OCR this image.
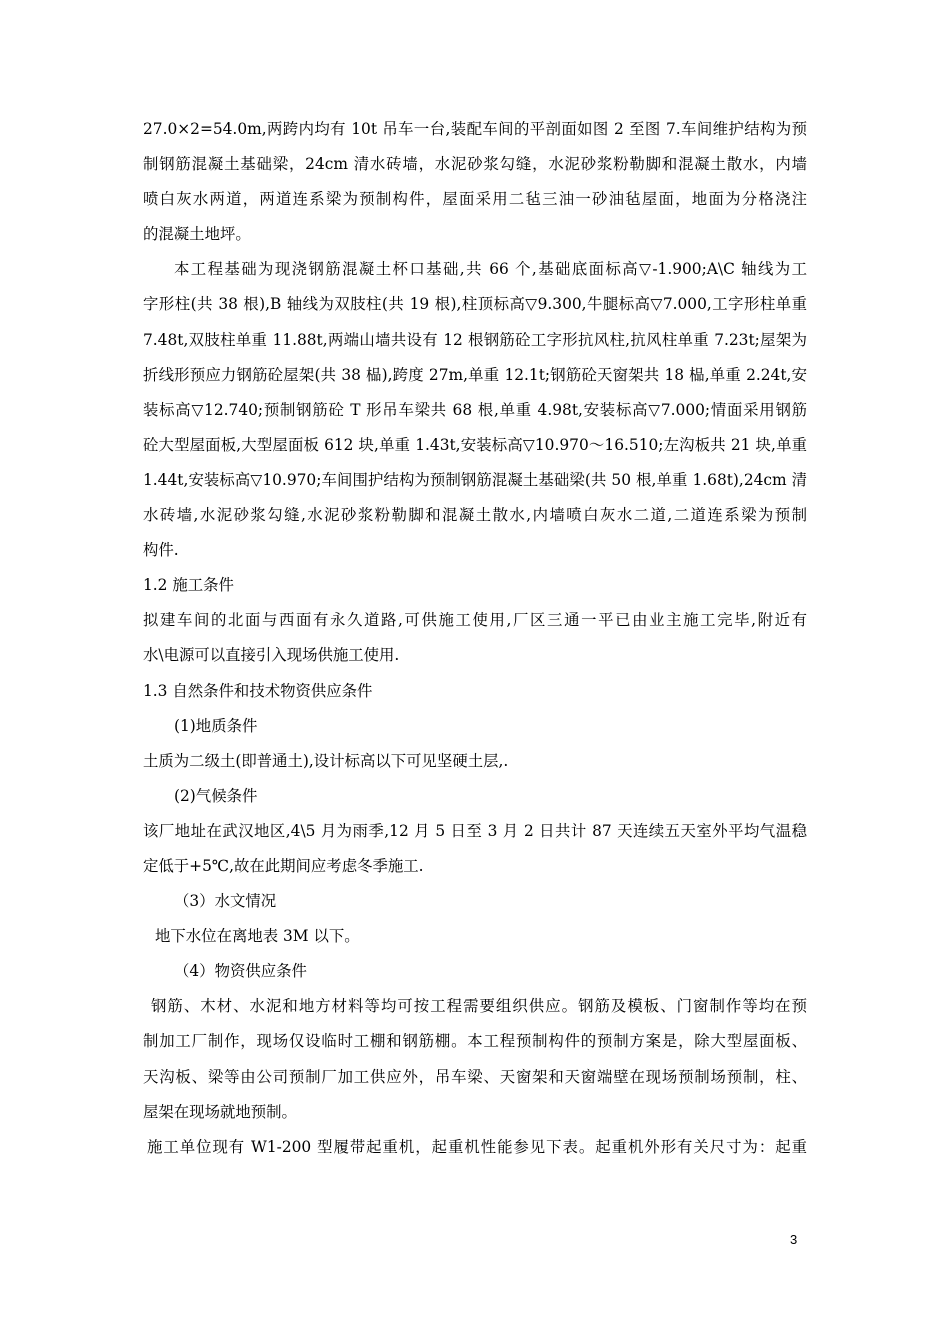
27.0×2=54.0m,两跨内均有 10t 吊车一台,装配车间的平剖面如图 2 至图 7.车间维护结构为预
制钢筋混凝土基础梁，24cm 清水砖墙，水泥砂浆勾缝，水泥砂浆粉勒脚和混凝土散水，内墙
喷白灰水两道，两道连系梁为预制构件，屋面采用二毡三油一砂油毡屋面，地面为分格浇注
的混凝土地坪。
本工程基础为现浇钢筋混凝土杯口基础,共 66 个,基础底面标高▽-1.900;A\C 轴线为工
字形柱(共 38 根),B 轴线为双肢柱(共 19 根),柱顶标高▽9.300,牛腿标高▽7.000,工字形柱单重
7.48t,双肢柱单重 11.88t,两端山墙共设有 12 根钢筋砼工字形抗风柱,抗风柱单重 7.23t;屋架为
折线形预应力钢筋砼屋架(共 38 榀),跨度 27m,单重 12.1t;钢筋砼天窗架共 18 榀,单重 2.24t,安
装标高▽12.740;预制钢筋砼 T 形吊车梁共 68 根,单重 4.98t,安装标高▽7.000;情面采用钢筋
砼大型屋面板,大型屋面板 612 块,单重 1.43t,安装标高▽10.970～16.510;左沟板共 21 块,单重
1.44t,安装标高▽10.970;车间围护结构为预制钢筋混凝土基础梁(共 50 根,单重 1.68t),24cm 清
水砖墙,水泥砂浆勾缝,水泥砂浆粉勒脚和混凝土散水,内墙喷白灰水二道,二道连系梁为预制
构件.
1.2 施工条件
拟建车间的北面与西面有永久道路,可供施工使用,厂区三通一平已由业主施工完毕,附近有
水\电源可以直接引入现场供施工使用.
1.3 自然条件和技术物资供应条件
(1)地质条件
土质为二级土(即普通土),设计标高以下可见坚硬土层,.
(2)气候条件
该厂地址在武汉地区,4\5 月为雨季,12 月 5 日至 3 月 2 日共计 87 天连续五天室外平均气温稳
定低于+5℃,故在此期间应考虑冬季施工.
（3）水文情况
地下水位在离地表 3M 以下。
（4）物资供应条件
钢筋、木材、水泥和地方材料等均可按工程需要组织供应。钢筋及模板、门窗制作等均在预
制加工厂制作，现场仅设临时工棚和钢筋棚。本工程预制构件的预制方案是，除大型屋面板、
天沟板、梁等由公司预制厂加工供应外，吊车梁、天窗架和天窗端壁在现场预制场预制，柱、
屋架在现场就地预制。
施工单位现有 W1-200 型履带起重机，起重机性能参见下表。起重机外形有关尺寸为：起重
3
